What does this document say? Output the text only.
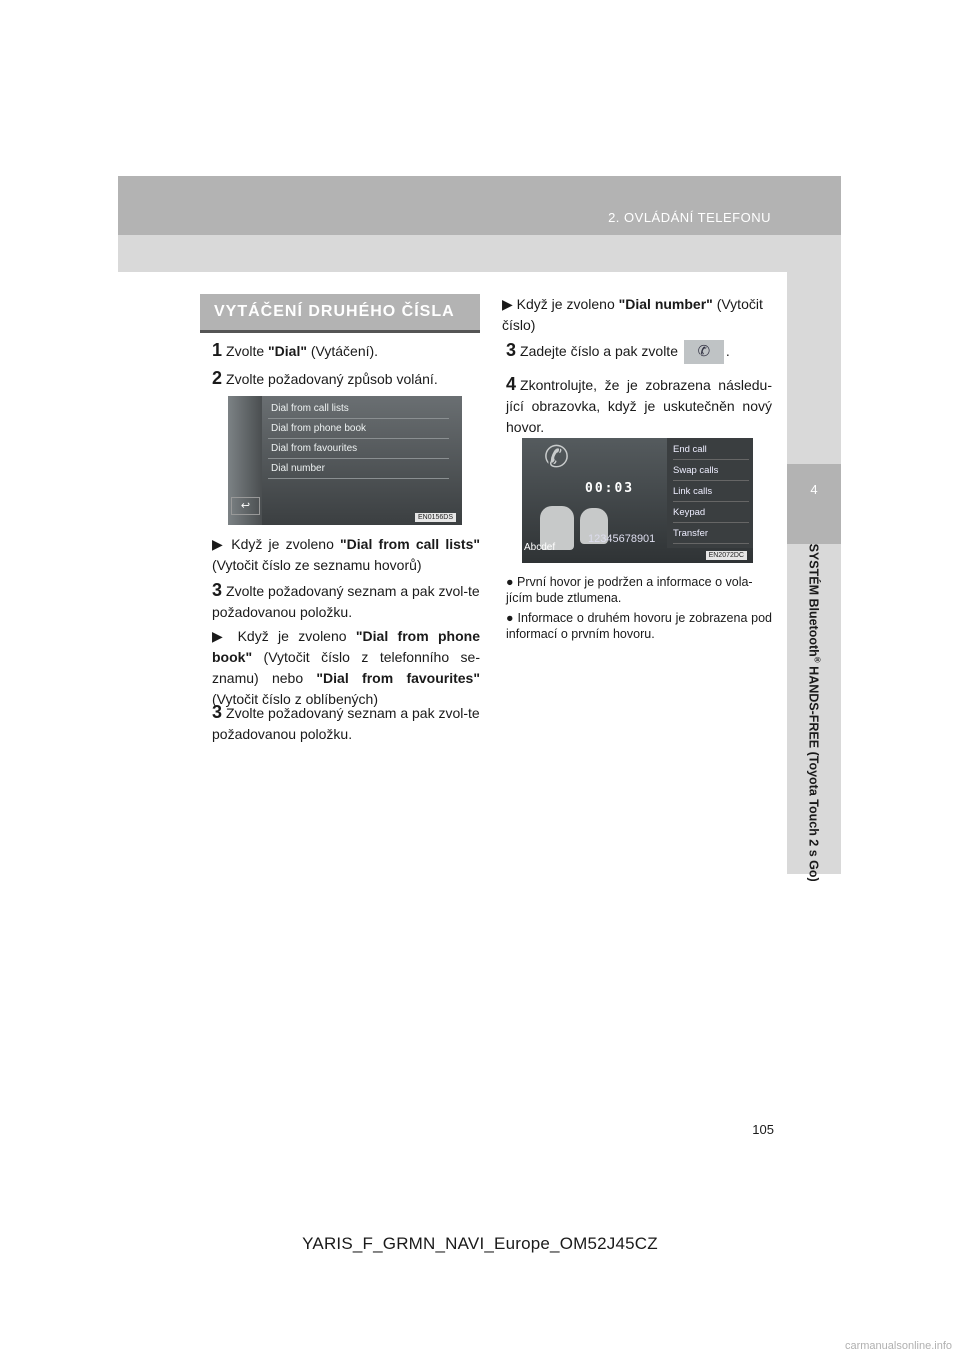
2. OVLÁDÁNÍ TELEFONU
4
SYSTÉM Bluetooth® HANDS-FREE (Toyota Touch 2 s Go)
VYTÁČENÍ DRUHÉHO ČÍSLA
1 Zvolte "Dial" (Vytáčení).
2 Zvolte požadovaný způsob volání.
Dial from call lists
Dial from phone book
Dial from favourites
Dial number
↩
EN0156DS
▶ Když je zvoleno "Dial from call lists" (Vytočit číslo ze seznamu hovorů)
3 Zvolte požadovaný seznam a pak zvol-te požadovanou položku.
▶ Když je zvoleno "Dial from phone book" (Vytočit číslo z telefonního se-znamu) nebo "Dial from favourites" (Vytočit číslo z oblíbených)
3 Zvolte požadovaný seznam a pak zvol-te požadovanou položku.
▶ Když je zvoleno "Dial number" (Vytočit číslo)
3 Zadejte číslo a pak zvolte ✆ .
4 Zkontrolujte, že je zobrazena následu-jící obrazovka, když je uskutečněn nový hovor.
✆
00:03
Abcdef
12345678901
End call
Swap calls
Link calls
Keypad
Transfer
EN2072DC
● První hovor je podržen a informace o vola-jícím bude ztlumena.
● Informace o druhém hovoru je zobrazena pod informací o prvním hovoru.
105
YARIS_F_GRMN_NAVI_Europe_OM52J45CZ
carmanualsonline.info
